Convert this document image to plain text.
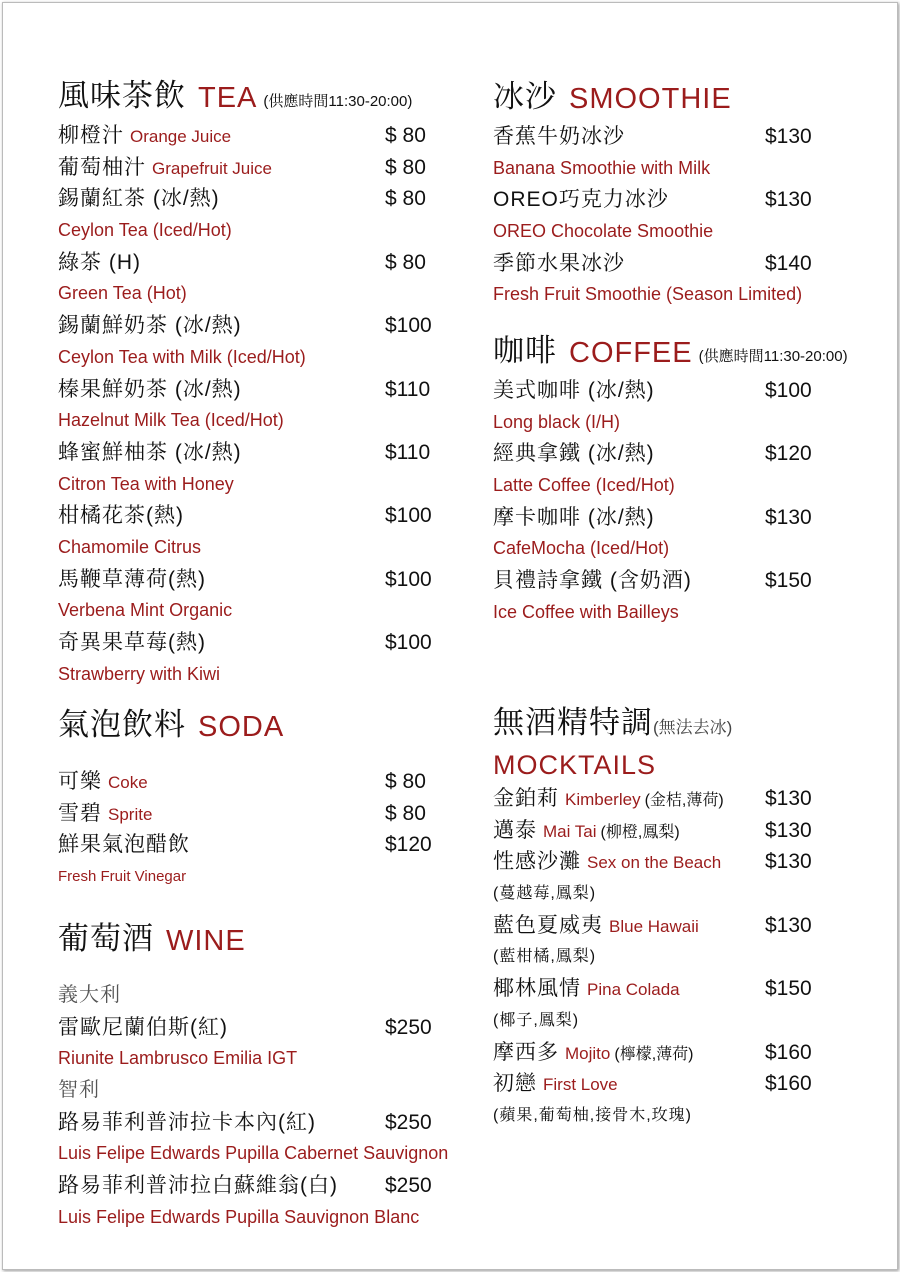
風味茶飲 TEA (供應時間11:30-20:00)
柳橙汁 Orange Juice	$ 80
葡萄柚汁 Grapefruit Juice	$ 80
錫蘭紅茶 (冰/熱)	$ 80
Ceylon Tea (Iced/Hot)
綠茶 (H)	$ 80
Green Tea (Hot)
錫蘭鮮奶茶 (冰/熱)	$100
Ceylon Tea with Milk (Iced/Hot)
榛果鮮奶茶 (冰/熱)	$110
Hazelnut Milk Tea (Iced/Hot)
蜂蜜鮮柚茶 (冰/熱)	$110
Citron Tea with Honey
柑橘花茶(熱)	$100
Chamomile Citrus
馬鞭草薄荷(熱)	$100
Verbena Mint Organic
奇異果草莓(熱)	$100
Strawberry with Kiwi
氣泡飲料 SODA
可樂 Coke	$ 80
雪碧 Sprite	$ 80
鮮果氣泡醋飲	$120
Fresh Fruit Vinegar
葡萄酒 WINE
義大利
雷歐尼蘭伯斯(紅)	$250
Riunite Lambrusco Emilia IGT
智利
路易菲利普沛拉卡本內(紅)	$250
Luis Felipe Edwards Pupilla Cabernet Sauvignon
路易菲利普沛拉白蘇維翁(白) $250
Luis Felipe Edwards Pupilla Sauvignon Blanc
冰沙 SMOOTHIE
香蕉牛奶冰沙	$130
Banana Smoothie with Milk
OREO巧克力冰沙	$130
OREO Chocolate Smoothie
季節水果冰沙	$140
Fresh Fruit Smoothie (Season Limited)
咖啡 COFFEE (供應時間11:30-20:00)
美式咖啡 (冰/熱)	$100
Long black (I/H)
經典拿鐵 (冰/熱)	$120
Latte Coffee (Iced/Hot)
摩卡咖啡 (冰/熱)	$130
CafeMocha (Iced/Hot)
貝禮詩拿鐵 (含奶酒)	$150
Ice Coffee with Bailleys
無酒精特調 (無法去冰)
MOCKTAILS
金鉑莉 Kimberley (金桔,薄荷) $130
邁泰 Mai Tai (柳橙,鳳梨)	$130
性感沙灘 Sex on the Beach $130
(蔓越莓,鳳梨)
藍色夏威夷 Blue Hawaii	$130
(藍柑橘,鳳梨)
椰林風情 Pina Colada	$150
(椰子,鳳梨)
摩西多 Mojito (檸檬,薄荷)	$160
初戀 First Love	$160
(蘋果,葡萄柚,接骨木,玫瑰)
